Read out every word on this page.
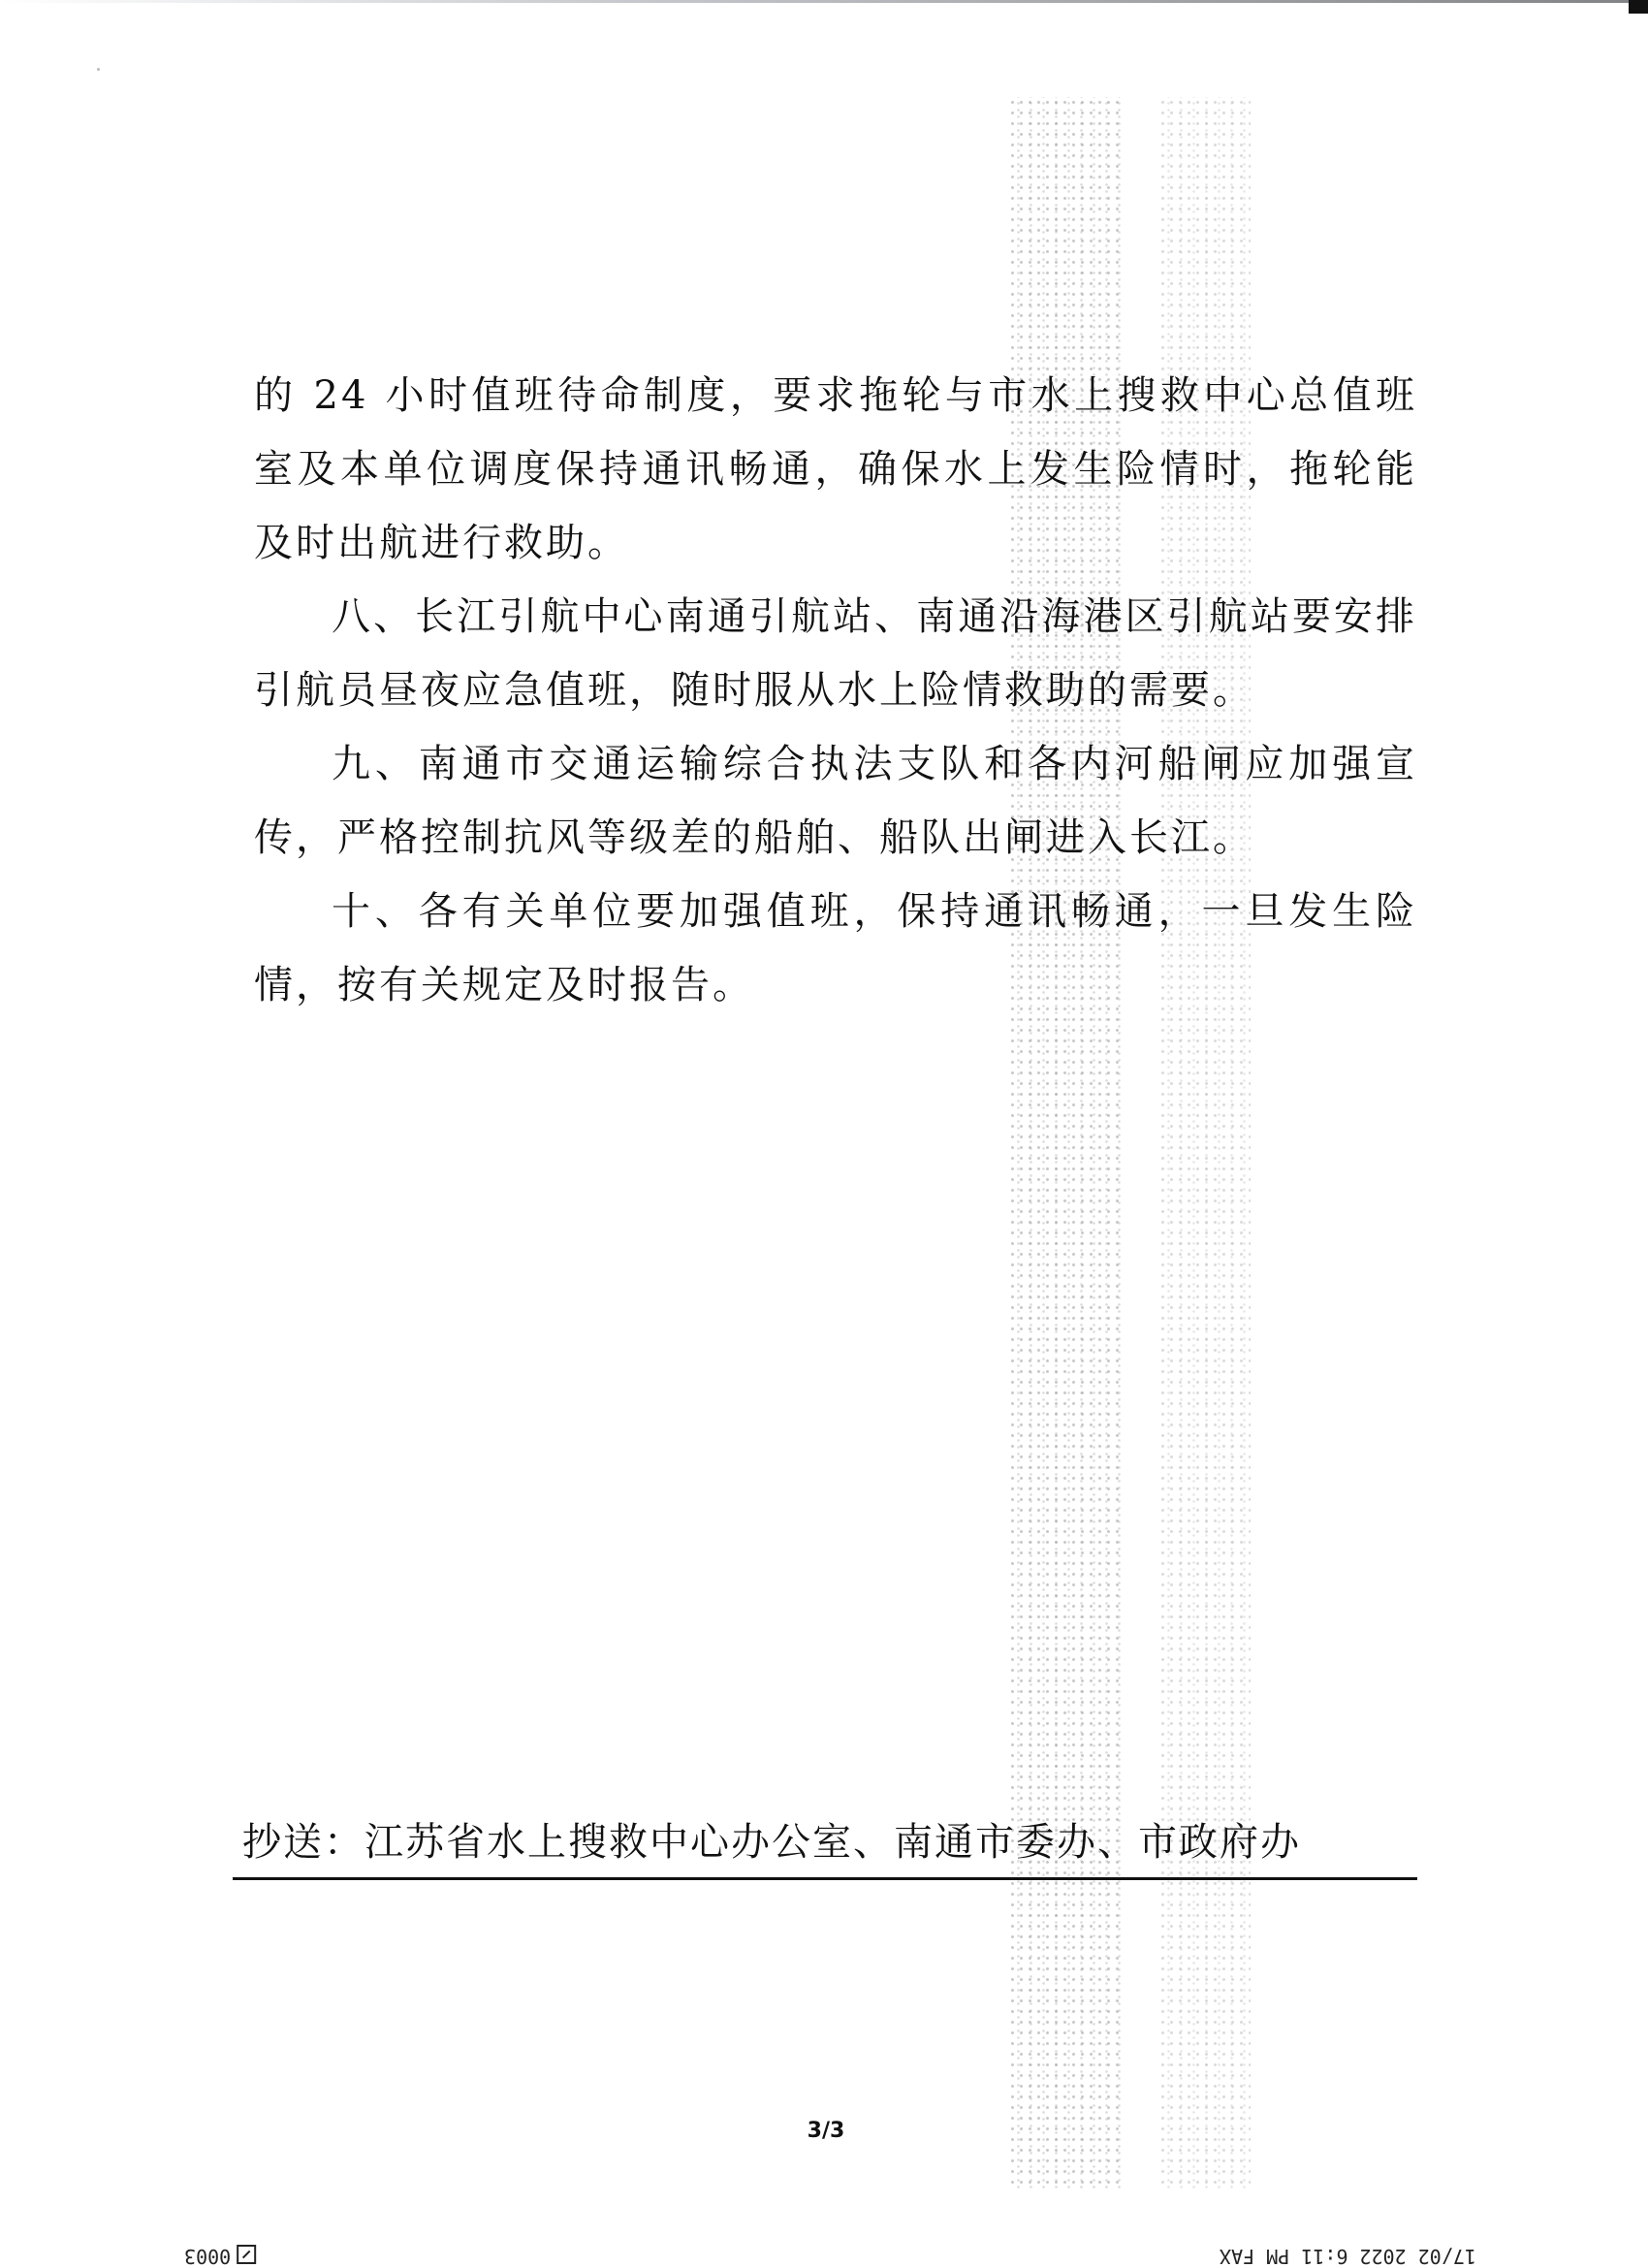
的 24 小时值班待命制度，要求拖轮与市水上搜救中心总值班室及本单位调度保持通讯畅通，确保水上发生险情时，拖轮能及时出航进行救助。

八、长江引航中心南通引航站、南通沿海港区引航站要安排引航员昼夜应急值班，随时服从水上险情救助的需要。

九、南通市交通运输综合执法支队和各内河船闸应加强宣传，严格控制抗风等级差的船舶、船队出闸进入长江。

十、各有关单位要加强值班，保持通讯畅通，一旦发生险情，按有关规定及时报告。

抄送：江苏省水上搜救中心办公室、南通市委办、市政府办
3/3
0003	17/02 2022 6:11 PM FAX
